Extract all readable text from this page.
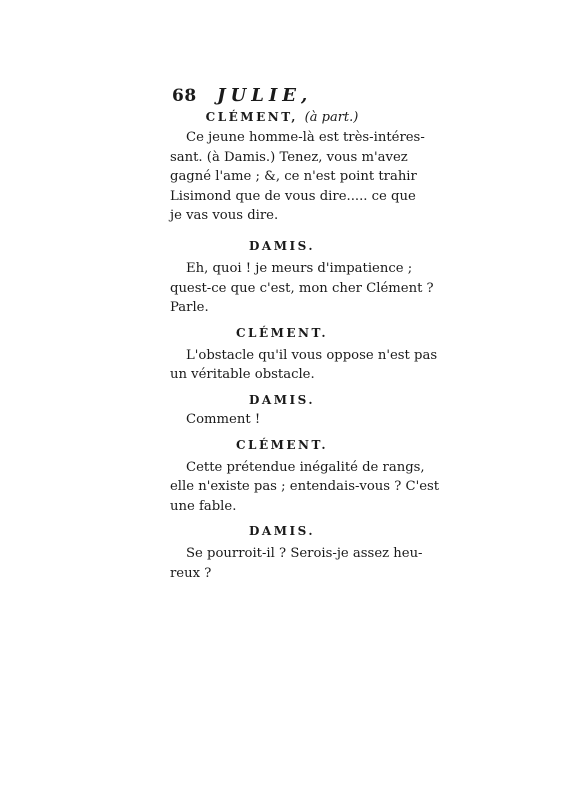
68 JULIE,
CLÉMENT, (à part.)
Ce jeune homme-là est très-intéres-
sant. (à Damis.) Tenez, vous m'avez
gagné l'ame ; &, ce n'est point trahir
Lisimond que de vous dire..... ce que
je vas vous dire.
DAMIS.
Eh, quoi ! je meurs d'impatience ;
quest-ce que c'est, mon cher Clément ?
Parle.
CLÉMENT.
L'obstacle qu'il vous oppose n'est pas
un véritable obstacle.
DAMIS.
Comment !
CLÉMENT.
Cette prétendue inégalité de rangs,
elle n'existe pas ; entendais-vous ? C'est
une fable.
DAMIS.
Se pourroit-il ? Serois-je assez heu-
reux ?
